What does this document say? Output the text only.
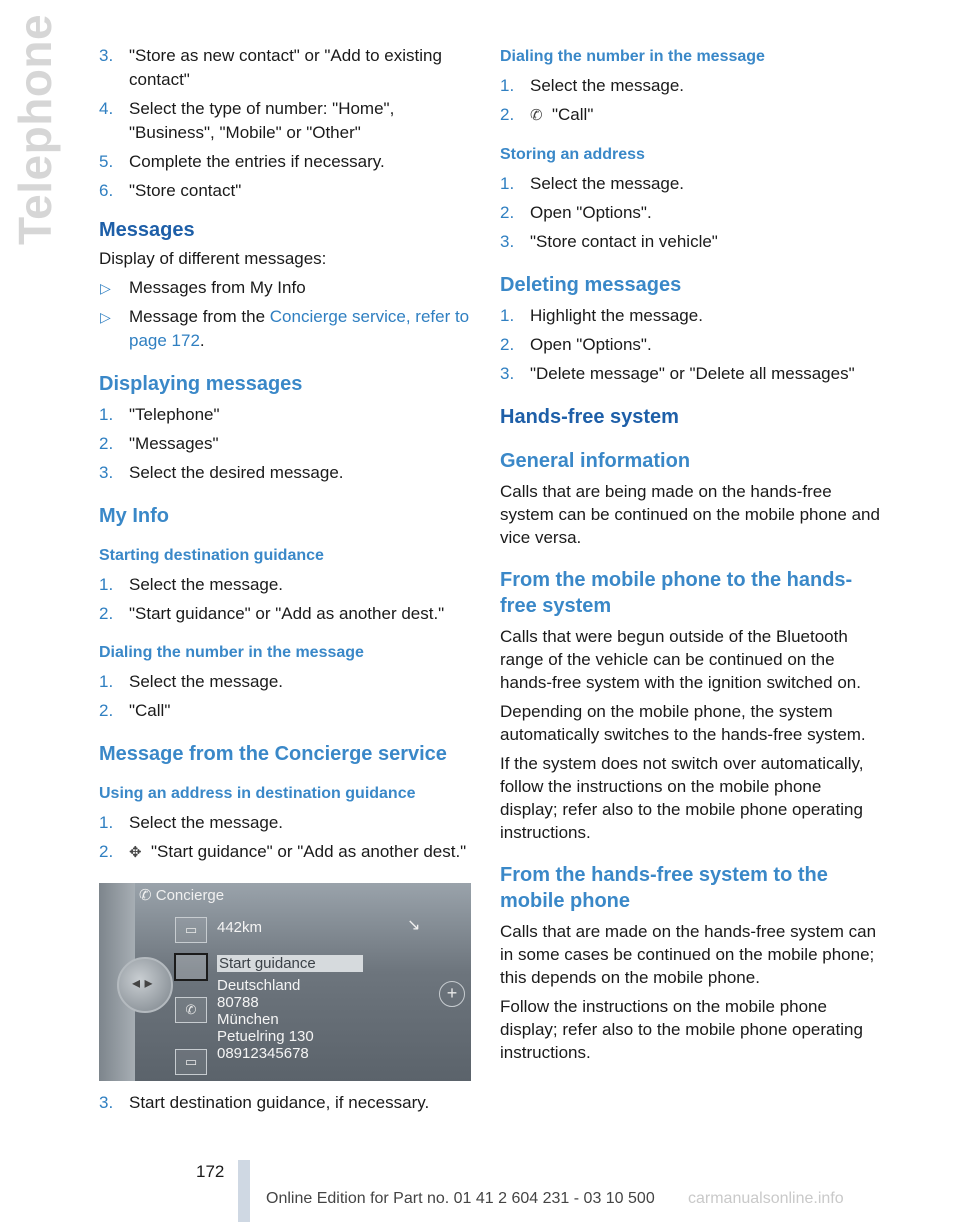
Telephone 3. "Store as new contact" or "Add to existing contact"
4. Select the type of number: "Home", "Business", "Mobile" or "Other"
5. Complete the entries if necessary.
6. "Store contact"
Messages

Display of different messages:

▷ Messages from My Info
▷ Message from the Concierge service, refer to page 172.
Displaying messages
1. "Telephone"
2. "Messages"
3. Select the desired message.
My Info
Starting destination guidance
1. Select the message.
2. "Start guidance" or "Add as another dest."
Dialing the number in the message
1. Select the message.
2. "Call"
Message from the Concierge service
Using an address in destination guidance
1. Select the message.
2. ✥ "Start guidance" or "Add as another dest."
✆ Concierge
◂ ▸
▭
✆
▭
↘
+
442km
Start guidance
Deutschland
80788
München
Petuelring 130
08912345678
3. Start destination guidance, if necessary.
Dialing the number in the message
1. Select the message.
2. ✆ "Call"
Storing an address
1. Select the message.
2. Open "Options".
3. "Store contact in vehicle"
Deleting messages
1. Highlight the message.
2. Open "Options".
3. "Delete message" or "Delete all messages"
Hands-free system
General information

Calls that are being made on the hands-free system can be continued on the mobile phone and vice versa.

From the mobile phone to the hands-free system

Calls that were begun outside of the Bluetooth range of the vehicle can be continued on the hands-free system with the ignition switched on.

Depending on the mobile phone, the system automatically switches to the hands-free system.

If the system does not switch over automatically, follow the instructions on the mobile phone display; refer also to the mobile phone operating instructions.

From the hands-free system to the mobile phone

Calls that are made on the hands-free system can in some cases be continued on the mobile phone; this depends on the mobile phone.

Follow the instructions on the mobile phone display; refer also to the mobile phone operating instructions.

172
Online Edition for Part no. 01 41 2 604 231 - 03 10 500 carmanualsonline.info
